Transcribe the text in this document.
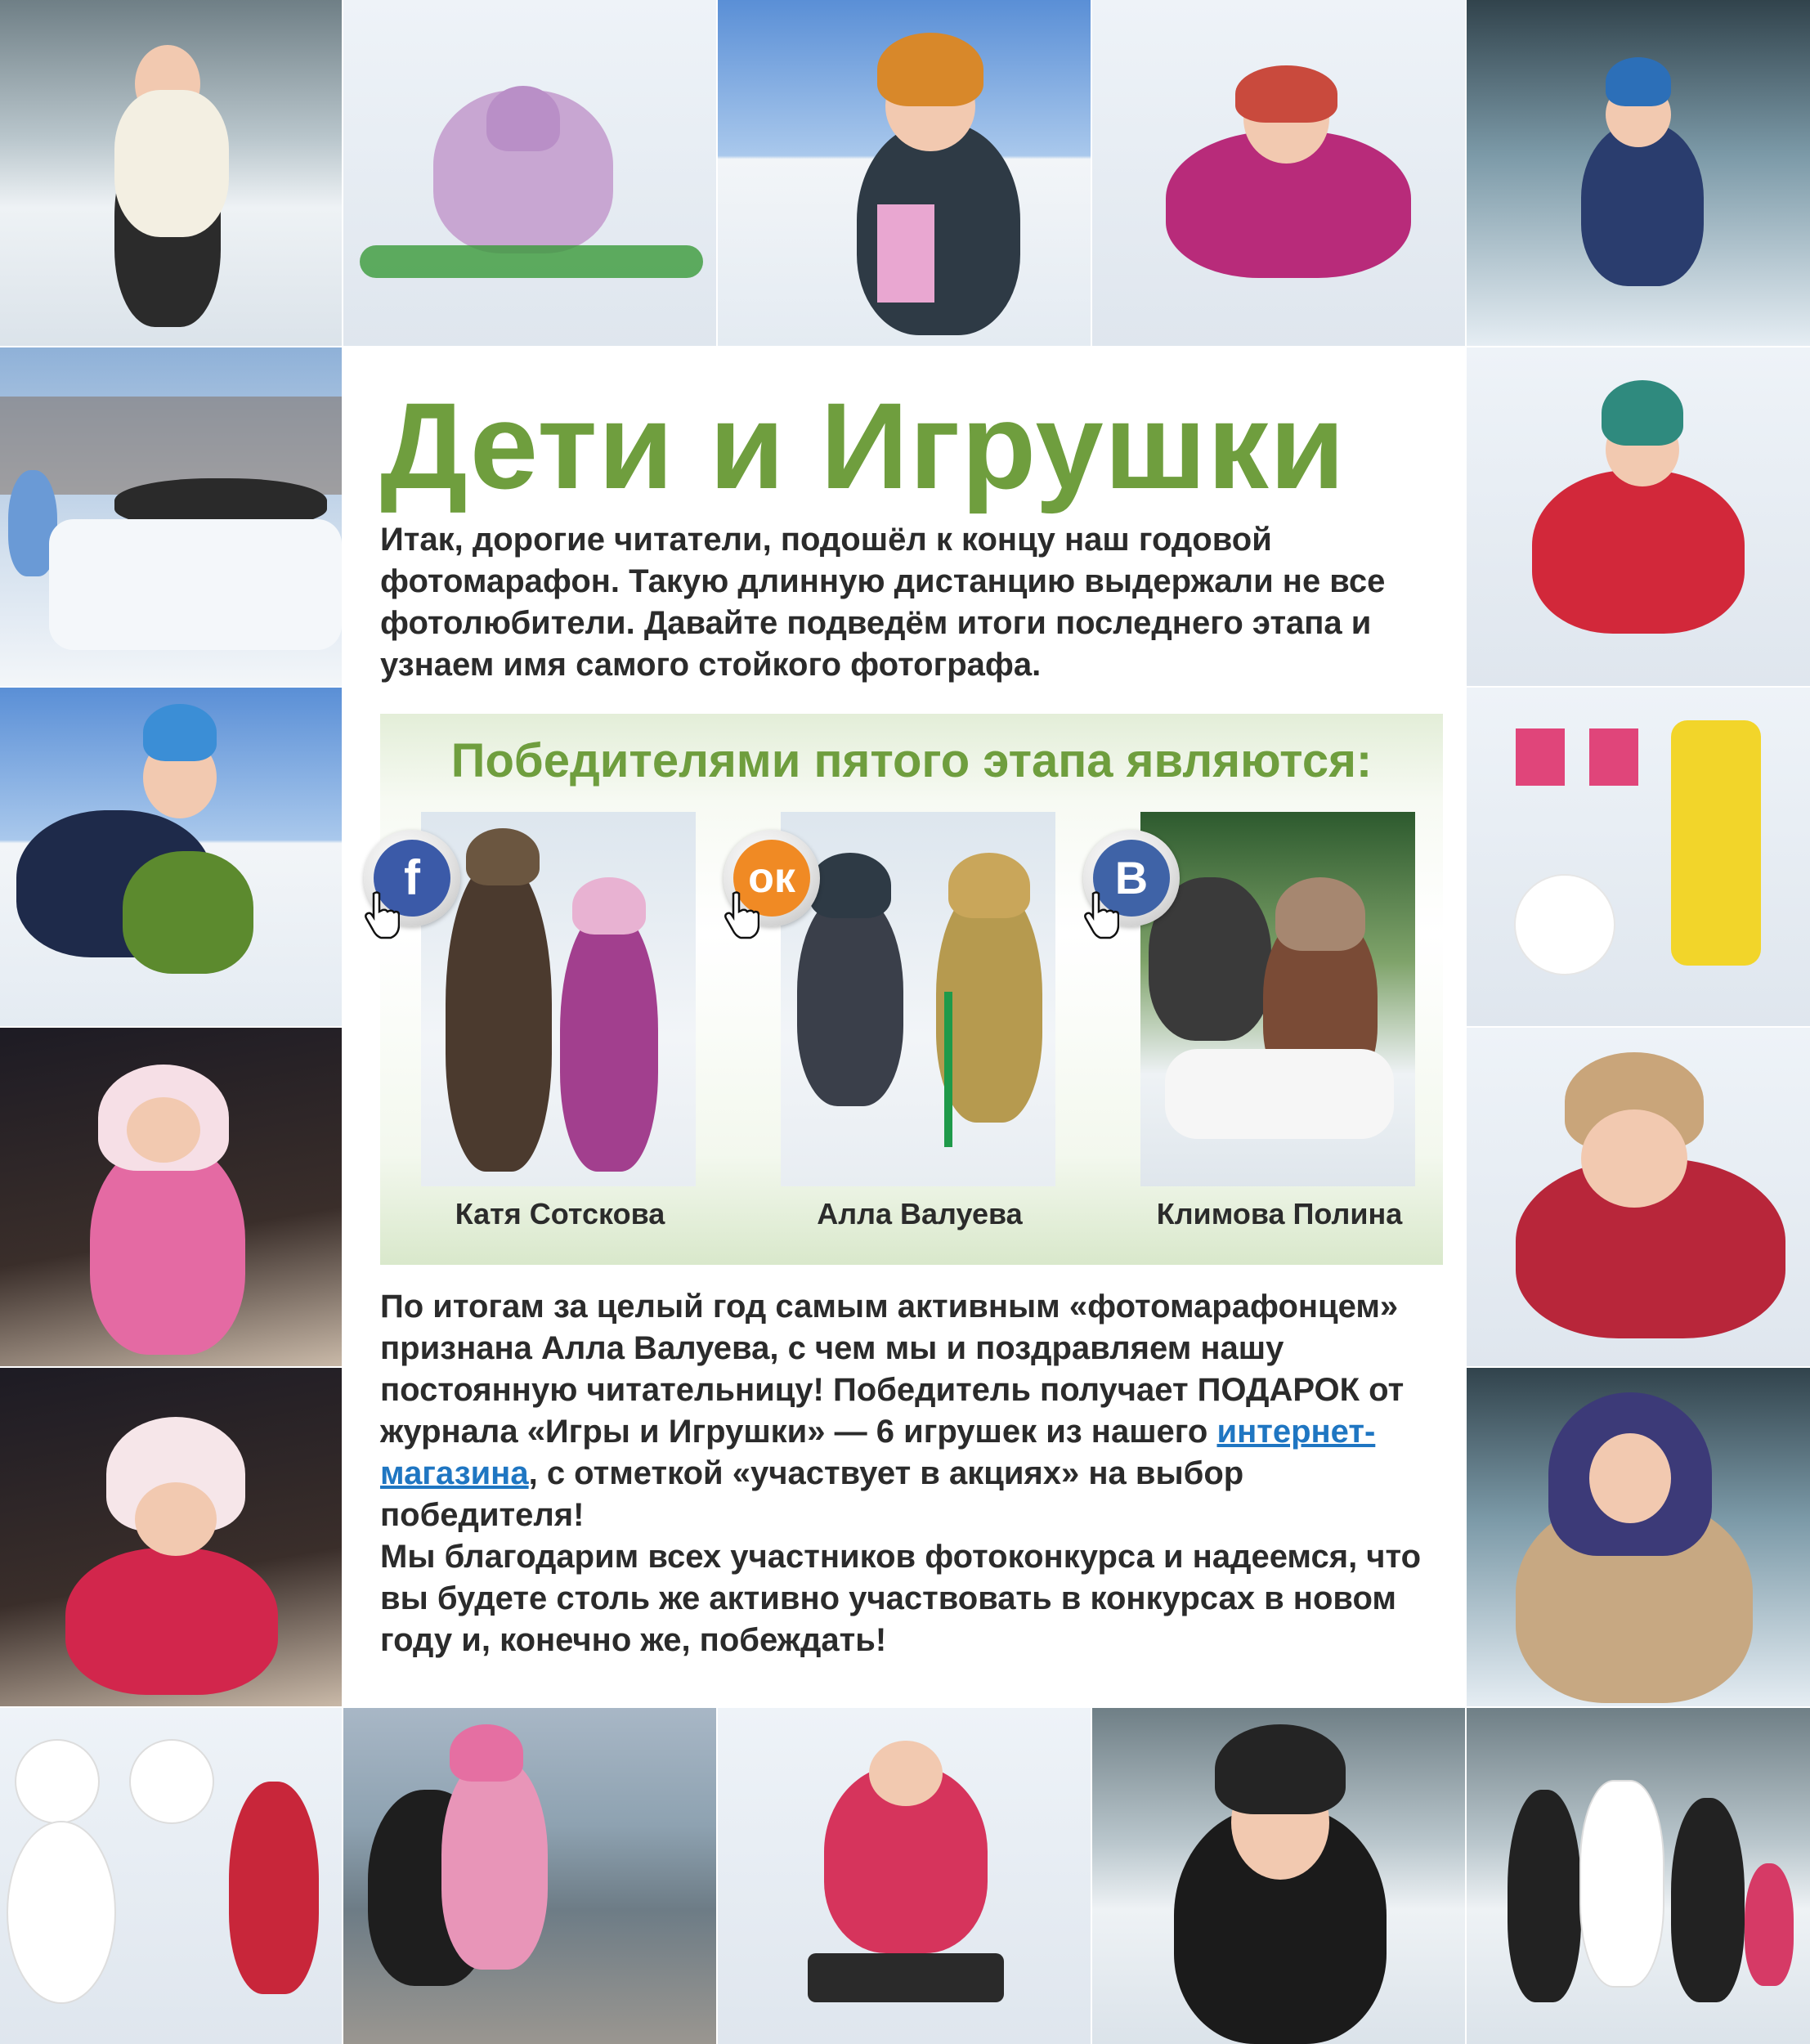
Дети и Игрушки

Итак, дорогие читатели, подошёл к концу наш годовой фотомарафон. Такую длинную дистанцию выдержали не все фотолюбители. Давайте подведём итоги последнего этапа и узнаем имя самого стойкого фотографа.

Победителями пятого этапа являются:
f
Катя Сотскова
ок
Алла Валуева
B
Климова Полина
По итогам за целый год самым активным «фотомарафонцем» признана Алла Валуева, с чем мы и поздравляем нашу постоянную читательницу! Победитель получает ПОДАРОК от журнала «Игры и Игрушки» — 6 игрушек из нашего интернет-магазина, с отметкой «участвует в акциях» на выбор победителя!
Мы благодарим всех участников фотоконкурса и надеемся, что вы будете столь же активно участвовать в конкурсах в новом году и, конечно же, побеждать!
